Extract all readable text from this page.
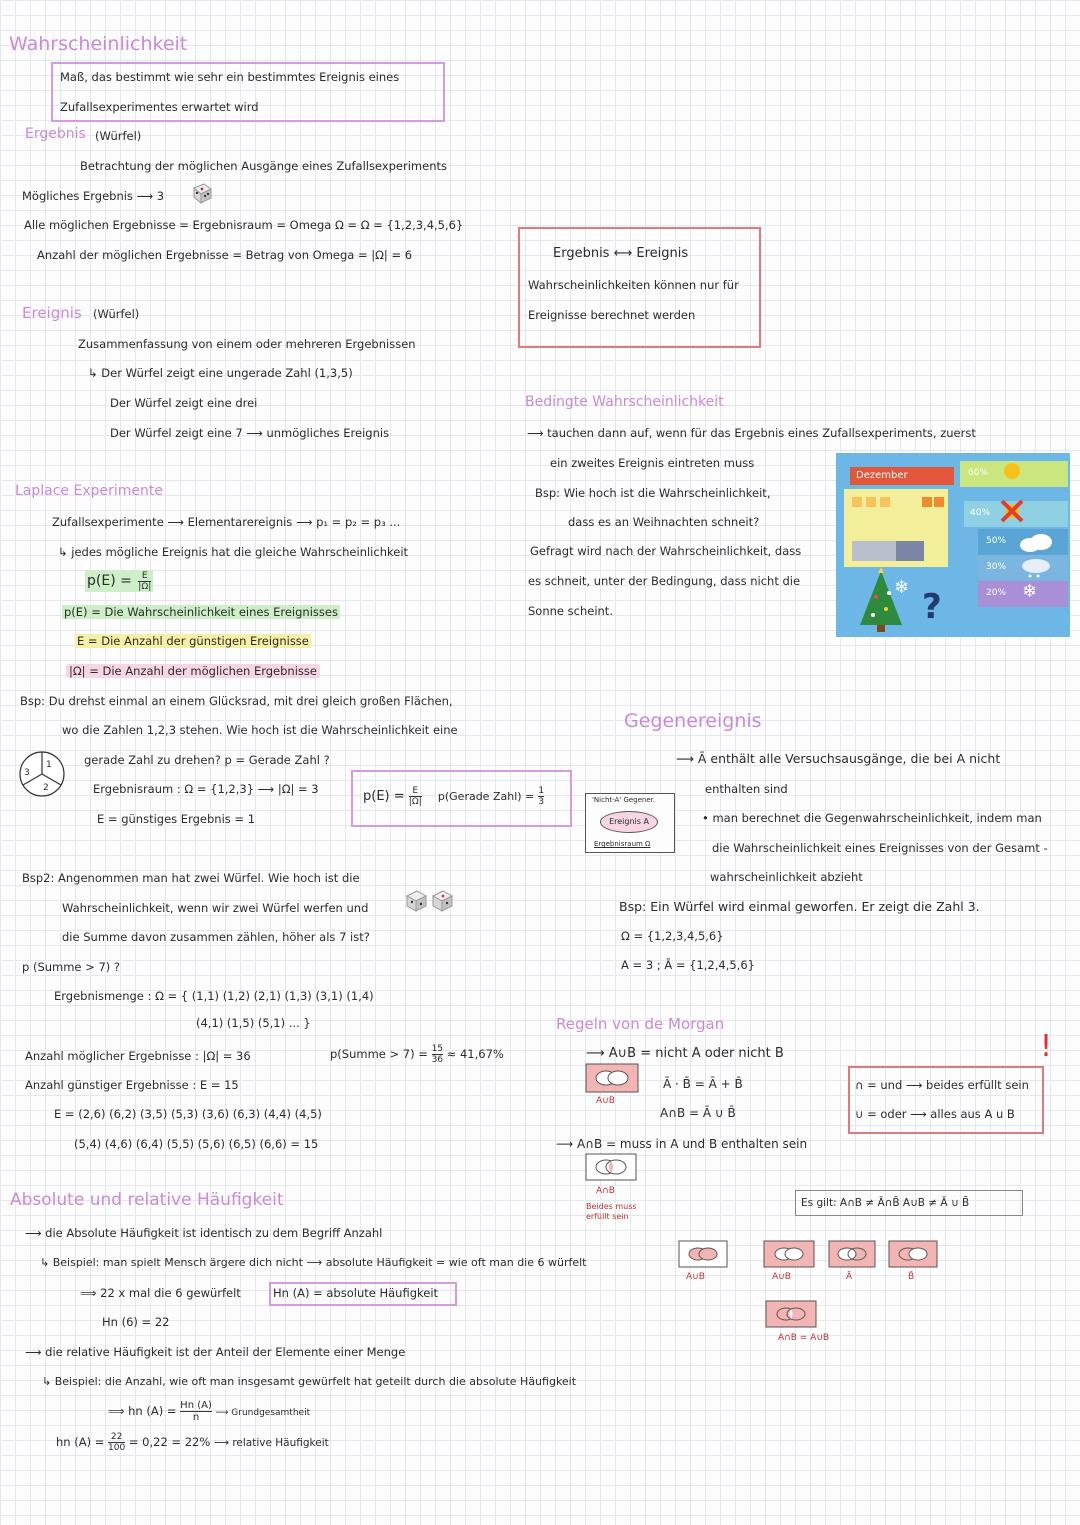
Wahrscheinlichkeit
Maß, das bestimmt wie sehr ein bestimmtes Ereignis eines
Zufallsexperimentes erwartet wird
Ergebnis (Würfel)
Betrachtung der möglichen Ausgänge eines Zufallsexperiments
Mögliches Ergebnis ⟶ 3
Alle möglichen Ergebnisse = Ergebnisraum = Omega Ω = Ω = {1,2,3,4,5,6}
Anzahl der möglichen Ergebnisse = Betrag von Omega = |Ω| = 6	Ergebnis ⟷ Ereignis
Wahrscheinlichkeiten können nur für
Ereignisse berechnet werden
Ereignis (Würfel)
Zusammenfassung von einem oder mehreren Ergebnissen
↳ Der Würfel zeigt eine ungerade Zahl (1,3,5)
Der Würfel zeigt eine drei
Der Würfel zeigt eine 7 ⟶ unmögliches Ereignis
Bedingte Wahrscheinlichkeit
⟶ tauchen dann auf, wenn für das Ergebnis eines Zufallsexperiments, zuerst
ein zweites Ereignis eintreten muss
Bsp: Wie hoch ist die Wahrscheinlichkeit,
dass es an Weihnachten schneit?
Gefragt wird nach der Wahrscheinlichkeit, dass
es schneit, unter der Bedingung, dass nicht die
Sonne scheint.
Dezember
?
❄
60%
40%
50%
30%
20% ❄
Laplace Experimente
Zufallsexperimente ⟶ Elementarereignis ⟶ p₁ = p₂ = p₃ ...
↳ jedes mögliche Ereignis hat die gleiche Wahrscheinlichkeit
$p(E) = \frac{E}{|\Omega|}$
p(E) = Die Wahrscheinlichkeit eines Ereignisses
E = Die Anzahl der günstigen Ereignisse
|Ω| = Die Anzahl der möglichen Ergebnisse
Bsp: Du drehst einmal an einem Glücksrad, mit drei gleich großen Flächen,
wo die Zahlen 1,2,3 stehen. Wie hoch ist die Wahrscheinlichkeit eine
1
2
3
gerade Zahl zu drehen? p = Gerade Zahl ?
Ergebnisraum : Ω = {1,2,3} ⟶ |Ω| = 3
E = günstiges Ergebnis = 1
$p(E) = \frac{E}{|\Omega|}$ p(Gerade Zahl) = $\frac{1}{3}$
Bsp2: Angenommen man hat zwei Würfel. Wie hoch ist die
Wahrscheinlichkeit, wenn wir zwei Würfel werfen und
die Summe davon zusammen zählen, höher als 7 ist?
p (Summe > 7) ?
Ergebnismenge : Ω = { (1,1) (1,2) (2,1) (1,3) (3,1) (1,4)
(4,1) (1,5) (5,1) ... }
Anzahl möglicher Ergebnisse : |Ω| = 36	p(Summe > $7) = \frac{15}{36} \approx 41,67\%$
Anzahl günstiger Ergebnisse : E = 15
E = (2,6) (6,2) (3,5) (5,3) (3,6) (6,3) (4,4) (4,5)
(5,4) (4,6) (6,4) (5,5) (5,6) (6,5) (6,6) = 15
Gegenereignis
⟶ Ā enthält alle Versuchsausgänge, die bei A nicht
enthalten sind
• man berechnet die Gegenwahrscheinlichkeit, indem man
die Wahrscheinlichkeit eines Ereignisses von der Gesamt -
wahrscheinlichkeit abzieht
Bsp: Ein Würfel wird einmal geworfen. Er zeigt die Zahl 3.
Ω = {1,2,3,4,5,6}
A = 3 ; Ā = {1,2,4,5,6}
'Nicht-A' Gegener.
Ereignis A
Ergebnisraum Ω
Regeln von de Morgan
⟶ A∪B = nicht A oder nicht B
Ā · B̄ = Ā + B̄
A∩B = Ā ∪ B̄
⟶ A∩B = muss in A und B enthalten sein
A∪B
A∩B
Beides muss
erfüllt sein
∩ = und ⟶ beides erfüllt sein
∪ = oder ⟶ alles aus A u B
!
Es gilt: A∩B ≠ Ā∩B̄ A∪B ≠ Ā ∪ B̄
A∪B	A∪B	Ā	B̄
A∩B = A∪B
Absolute und relative Häufigkeit
⟶ die Absolute Häufigkeit ist identisch zu dem Begriff Anzahl
↳ Beispiel: man spielt Mensch ärgere dich nicht ⟶ absolute Häufigkeit = wie oft man die 6 würfelt
⟹ 22 x mal die 6 gewürfelt	Hn (A) = absolute Häufigkeit
Hn (6) = 22
⟶ die relative Häufigkeit ist der Anteil der Elemente einer Menge
↳ Beispiel: die Anzahl, wie oft man insgesamt gewürfelt hat geteilt durch die absolute Häufigkeit
⟹ hn $(A) = \frac{Hn (A)}{n}$ ⟶ Grundgesamtheit
hn $(A) = \frac{22}{100} = 0,22 = 22\%$ ⟶ relative Häufigkeit
